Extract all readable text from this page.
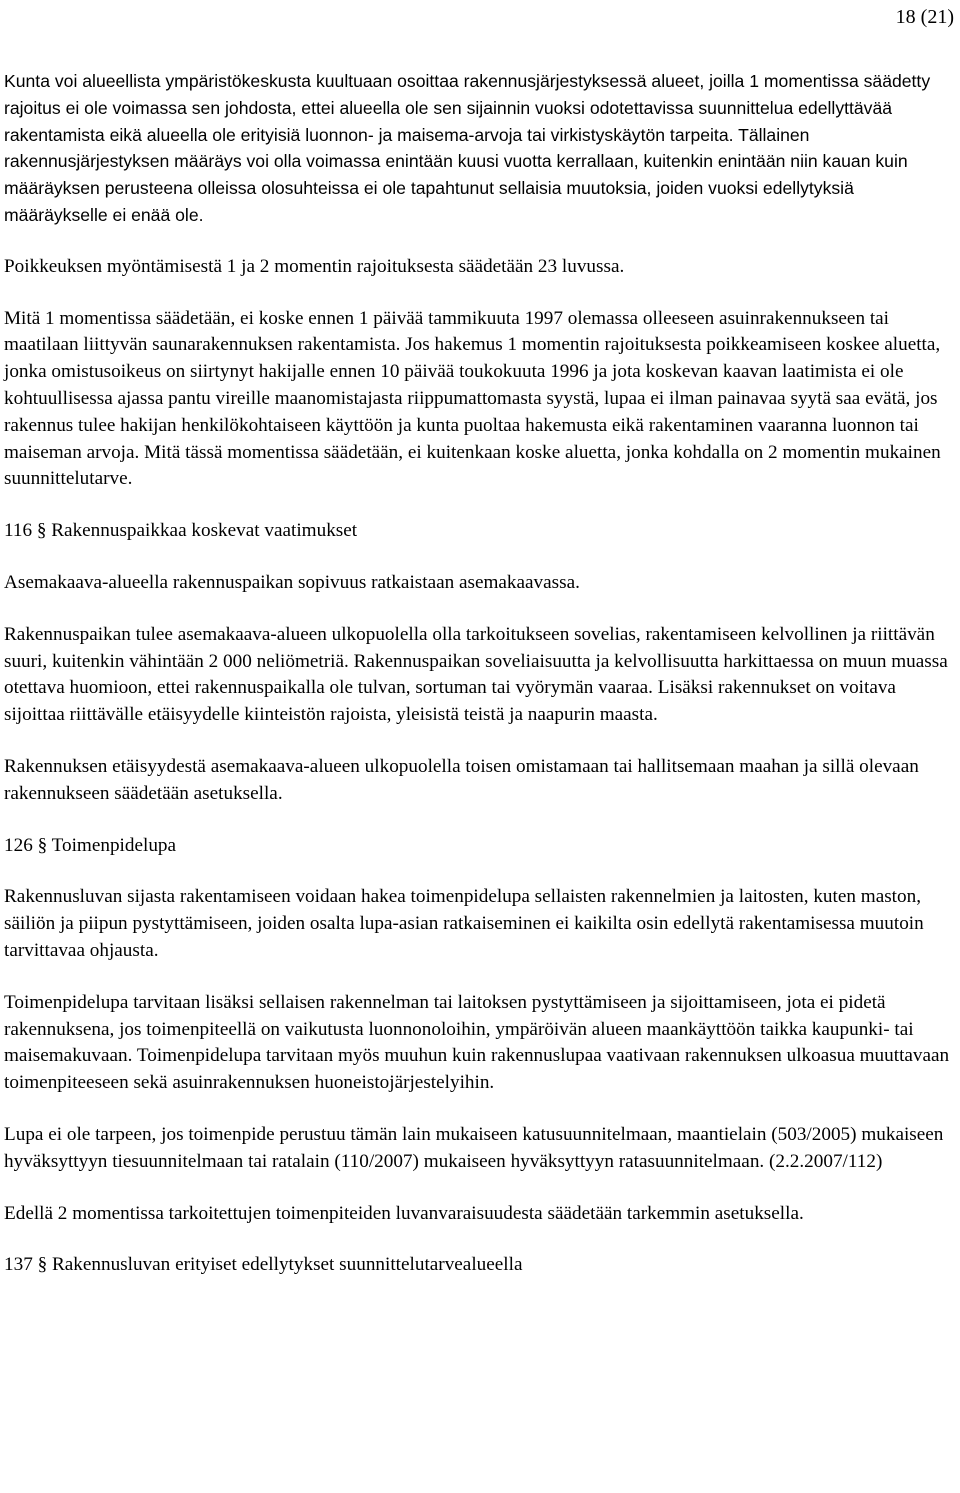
18 (21)

Kunta voi alueellista ympäristökeskusta kuultuaan osoittaa rakennusjärjestyksessä alueet, joilla 1 momentissa säädetty rajoitus ei ole voimassa sen johdosta, ettei alueella ole sen sijainnin vuoksi odotettavissa suunnittelua edellyttävää rakentamista eikä alueella ole erityisiä luonnon- ja maisema-arvoja tai virkistyskäytön tarpeita. Tällainen rakennusjärjestyksen määräys voi olla voimassa enintään kuusi vuotta kerrallaan, kuitenkin enintään niin kauan kuin määräyksen perusteena olleissa olosuhteissa ei ole tapahtunut sellaisia muutoksia, joiden vuoksi edellytyksiä määräykselle ei enää ole.

Poikkeuksen myöntämisestä 1 ja 2 momentin rajoituksesta säädetään 23 luvussa.

Mitä 1 momentissa säädetään, ei koske ennen 1 päivää tammikuuta 1997 olemassa olleeseen asuinrakennukseen tai maatilaan liittyvän saunarakennuksen rakentamista. Jos hakemus 1 momentin rajoituksesta poikkeamiseen koskee aluetta, jonka omistusoikeus on siirtynyt hakijalle ennen 10 päivää toukokuuta 1996 ja jota koskevan kaavan laatimista ei ole kohtuullisessa ajassa pantu vireille maanomistajasta riippumattomasta syystä, lupaa ei ilman painavaa syytä saa evätä, jos rakennus tulee hakijan henkilökohtaiseen käyttöön ja kunta puoltaa hakemusta eikä rakentaminen vaaranna luonnon tai maiseman arvoja. Mitä tässä momentissa säädetään, ei kuitenkaan koske aluetta, jonka kohdalla on 2 momentin mukainen suunnittelutarve.

116 § Rakennuspaikkaa koskevat vaatimukset

Asemakaava-alueella rakennuspaikan sopivuus ratkaistaan asemakaavassa.

Rakennuspaikan tulee asemakaava-alueen ulkopuolella olla tarkoitukseen sovelias, rakentamiseen kelvollinen ja riittävän suuri, kuitenkin vähintään 2 000 neliömetriä. Rakennuspaikan soveliaisuutta ja kelvollisuutta harkittaessa on muun muassa otettava huomioon, ettei rakennuspaikalla ole tulvan, sortuman tai vyörymän vaaraa. Lisäksi rakennukset on voitava sijoittaa riittävälle etäisyydelle kiinteistön rajoista, yleisistä teistä ja naapurin maasta.

Rakennuksen etäisyydestä asemakaava-alueen ulkopuolella toisen omistamaan tai hallitsemaan maahan ja sillä olevaan rakennukseen säädetään asetuksella.

126 § Toimenpidelupa

Rakennusluvan sijasta rakentamiseen voidaan hakea toimenpidelupa sellaisten rakennelmien ja laitosten, kuten maston, säiliön ja piipun pystyttämiseen, joiden osalta lupa-asian ratkaiseminen ei kaikilta osin edellytä rakentamisessa muutoin tarvittavaa ohjausta.

Toimenpidelupa tarvitaan lisäksi sellaisen rakennelman tai laitoksen pystyttämiseen ja sijoittamiseen, jota ei pidetä rakennuksena, jos toimenpiteellä on vaikutusta luonnonoloihin, ympäröivän alueen maankäyttöön taikka kaupunki- tai maisemakuvaan. Toimenpidelupa tarvitaan myös muuhun kuin rakennuslupaa vaativaan rakennuksen ulkoasua muuttavaan toimenpiteeseen sekä asuinrakennuksen huoneistojärjestelyihin.

Lupa ei ole tarpeen, jos toimenpide perustuu tämän lain mukaiseen katusuunnitelmaan, maantielain (503/2005) mukaiseen hyväksyttyyn tiesuunnitelmaan tai ratalain (110/2007) mukaiseen hyväksyttyyn ratasuunnitelmaan. (2.2.2007/112)

Edellä 2 momentissa tarkoitettujen toimenpiteiden luvanvaraisuudesta säädetään tarkemmin asetuksella.

137 § Rakennusluvan erityiset edellytykset suunnittelutarvealueella
